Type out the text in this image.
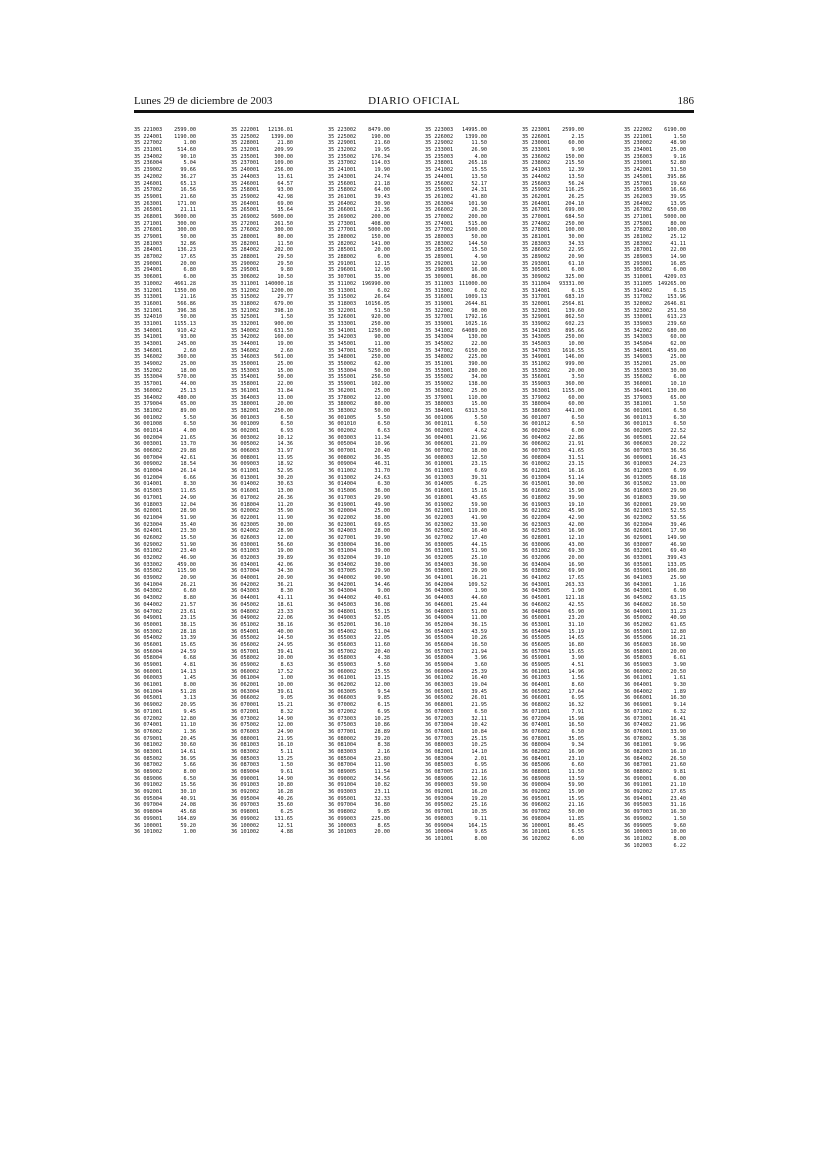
Lunes 29 de diciembre de 2003	DIARIO OFICIAL	186
35 221003 2599.00
35 224001 1190.00
35 227002	1.00
35 231001	514.60
35 234002	90.10
35 236004	5.04
35 239002	99.66
35 242002	36.27
35 246001	65.13
35 257002	16.56
35 259001	21.60
35 263001	171.00
35 265001	21.11
35 268001 3600.00
35 271001	300.00
35 276001	300.00
35 279001	50.00
35 281003	32.86
35 284001	136.23
35 287002	17.65
35 290001	20.00
35 294001	6.80
35 306001	6.00
35 310002 4661.28
35 312001 1350.00
35 313001	21.16
35 316001	566.86
35 321001	396.38
35 324010	50.00
35 331001 1155.13
35 340001	910.42
35 341001	93.00
35 343001	245.00
35 346001	2.60
35 346002	360.00
35 349002	25.00
35 352002	18.00
35 353004	570.00
35 357001	44.00
35 360002	25.13
35 364002	480.00
35 379004	65.00
35 381002	89.00
36 001002	5.50
36 001008	6.50
36 001014	4.00
36 002004	21.65
36 003001	13.70
36 006002	29.88
36 007004	42.61
36 009002	18.54
36 010004	26.14
36 012004	6.66
36 014001	8.30
36 015003	11.65
36 017001	24.90
36 018003	12.04
36 020001	28.90
36 021004	51.90
36 023004	35.40
36 024001	23.30
36 026002	15.50
36 029002	51.90
36 031002	23.40
36 032002	46.90
36 033002	459.00
36 035002	115.90
36 039002	20.90
36 041004	26.21
36 043002	6.60
36 043002	8.80
36 044002	21.57
36 047002	23.61
36 049001	23.15
36 050001	38.15
36 053002	28.18
36 054002	13.39
36 056001	15.65
36 056004	24.59
36 058004	6.68
36 059001	4.81
36 060001	14.13
36 060003	1.45
36 061001	8.00
36 061004	51.28
36 065001	3.13
36 069002	20.95
36 071001	9.45
36 072002	12.80
36 074001	11.10
36 076002	1.36
36 079001	20.45
36 081002	30.60
36 083001	14.61
36 085002	36.95
36 087002	5.66
36 089002	8.00
36 089006	6.50
36 091002	15.56
36 092001	30.10
36 095004	40.91
36 097004	24.08
36 098004	45.68
36 099001	164.89
36 100001	59.20
36 101002	1.00
35 222001 12136.01
35 225002 1399.00
35 228001	21.80
35 232001	209.99
35 235001	300.00
35 237001	109.00
35 240001	256.00
35 244003	13.61
35 246001	64.57
35 258001	93.00
35 259002	42.98
35 264001	69.00
35 265001	35.64
35 269002 5600.00
35 272001	261.50
35 276002	300.00
35 280001	80.00
35 282001	11.50
35 284002	202.00
35 288001	29.50
35 290002	29.50
35 295001	9.80
35 306002	10.50
35 311001 140000.18
35 312002 1200.00
35 315002	29.77
35 318002	679.00
35 321002	398.10
35 325001	1.50
35 332001	900.00
35 340002	631.50
35 342002	160.00
35 344001	19.00
35 346002	2.60
35 346003	561.00
35 350001	25.00
35 353003	15.00
35 354001	50.00
35 358001	22.00
35 361001	31.84
35 364003	13.00
35 380001	20.00
35 382001	250.00
36 001003	6.50
36 001009	6.50
36 002001	6.93
36 003002	10.12
36 005002	14.36
36 006003	31.97
36 008001	13.95
36 009003	18.92
36 011001	52.95
36 013001	30.20
36 014002	30.63
36 016001	13.00
36 017002	26.36
36 018004	11.20
36 020002	35.90
36 022001	11.90
36 023005	30.00
36 024002	28.90
36 026003	12.00
36 030001	56.60
36 031003	19.00
36 032003	39.89
36 034001	42.06
36 037004	34.30
36 040001	20.90
36 042002	36.21
36 043003	8.30
36 044001	41.11
36 045002	18.61
36 048002	23.33
36 049002	22.06
36 051002	38.16
36 054001	40.00
36 055002	14.50
36 056002	24.95
36 057001	39.41
36 058002	10.00
36 059002	8.63
36 060002	17.52
36 061004	1.00
36 062001	10.00
36 063004	39.61
36 066002	9.05
36 070001	15.21
36 072001	8.32
36 073002	14.90
36 075002	12.00
36 076003	24.90
36 080001	21.95
36 081003	16.10
36 083002	5.11
36 085003	13.25
36 087003	1.50
36 089004	9.61
36 090001	14.90
36 091003	10.80
36 092002	16.28
36 095004	40.26
36 097003	35.60
36 098001	6.25
36 099002	131.65
36 100002	12.51
36 101002	4.88
35 223002 8479.00
35 225002	190.00
35 229001	21.60
35 232002	19.95
35 235002	176.34
35 237002	114.03
35 241001	19.90
35 243001	24.74
35 256001	21.18
35 258002	64.00
35 261001	39.43
35 264002	30.90
35 266001	21.36
35 269002	200.00
35 273001	408.00
35 277001 5000.00
35 280002	150.00
35 282002	141.00
35 285001	20.00
35 288002	6.00
35 291001	12.15
35 296001	12.90
35 307001	35.00
35 311002 196990.00
35 313001	6.02
35 315002	26.64
35 318003 10156.05
35 322001	51.50
35 326001	920.00
35 333001	250.00
35 341001 1250.00
35 342003	90.00
35 345001	11.00
35 347001 5250.00
35 348001	250.00
35 350002	62.00
35 353004	50.00
35 355001	256.50
35 359001	102.00
35 362001	25.00
35 378002	12.00
35 380002	80.00
35 383002	50.00
36 001005	5.50
36 001010	6.50
36 002002	6.63
36 003003	11.34
36 005004	10.96
36 007001	20.40
36 008002	36.35
36 009004	46.31
36 011002	31.70
36 013002	24.63
36 014004	6.30
36 015006	36.00
36 017003	29.90
36 019001	49.90
36 020004	25.00
36 022002	38.00
36 023001	69.65
36 024003	28.00
36 027001	39.90
36 030004	36.00
36 031004	39.00
36 032004	39.10
36 034002	30.00
36 037005	29.90
36 040002	90.90
36 042001	34.46
36 043004	9.00
36 044002	40.61
36 045003	36.08
36 048001	55.15
36 049003	52.05
36 052001	36.10
36 054002	51.04
36 055003	22.05
36 056003	11.60
36 057002	20.40
36 058003	4.38
36 059003	5.60
36 060002	25.55
36 061001	13.15
36 062002	12.00
36 063005	9.54
36 066003	9.85
36 070002	6.15
36 072002	6.95
36 073003	10.25
36 075003	10.86
36 077001	28.89
36 080002	39.20
36 081004	8.38
36 083003	2.16
36 085004	23.80
36 087004	11.90
36 089005	11.54
36 090002	34.56
36 091004	10.82
36 093003	23.11
36 095001	32.33
36 097004	36.80
36 098002	9.85
36 099003	225.00
36 100003	8.65
36 101003	20.00
35 223003 14995.00
35 226002 1399.00
35 229002	11.50
35 233001	26.90
35 235003	4.00
35 238001	265.18
35 241002	15.55
35 244001	13.50
35 256002	52.17
35 259001	24.31
35 261002	41.80
35 263004	101.90
35 266002	26.30
35 270002	200.00
35 274001	515.00
35 277002 1500.00
35 280003	50.00
35 283002	144.50
35 285002	15.50
35 289001	4.90
35 292001	12.90
35 298003	16.00
35 309001	86.00
35 311003 111000.00
35 313002	6.02
35 316001 1009.13
35 319001 2644.81
35 322002	98.00
35 327001 1792.16
35 339001 1025.16
35 341002 64089.00
35 343004	130.00
35 345002	22.00
35 347002 6150.00
35 348002	225.00
35 351001	390.00
35 353001	280.00
35 355002	34.00
35 359002	138.00
35 363002	25.00
35 379001	110.00
35 380003	15.00
35 384001 6313.50
36 001006	5.50
36 001011	6.50
36 002003	4.62
36 004001	21.96
36 006001	21.09
36 007002	18.00
36 008003	12.50
36 010001	23.15
36 011003	6.69
36 013003	39.31
36 014005	6.25
36 016001	15.16
36 018001	43.65
36 019002	59.90
36 021001	119.00
36 022003	41.90
36 023002	33.90
36 025002	16.40
36 027002	17.40
36 030005	44.15
36 031001	51.90
36 032005	25.10
36 034003	36.90
36 038001	29.90
36 041001	16.21
36 042004	109.52
36 043006	1.90
36 044003	44.60
36 046001	25.44
36 048003	51.00
36 049004	11.00
36 052004	36.15
36 054003	43.59
36 055004	10.26
36 056004	16.50
36 057003	21.94
36 058004	3.96
36 059004	3.60
36 060004	25.39
36 061002	16.40
36 063003	19.04
36 065001	39.45
36 065002	26.01
36 068001	21.95
36 070003	6.50
36 072003	32.11
36 073004	10.42
36 076001	10.84
36 077003	25.15
36 080003	10.25
36 082001	14.10
36 083004	2.01
36 085003	6.95
36 087005	21.16
36 089006	12.16
36 090003	59.90
36 092001	16.20
36 093004	19.20
36 095002	25.16
36 097001	10.35
36 098003	9.11
36 099004	164.15
36 100004	9.65
36 101001	8.00
35 223001 2599.00
35 226001	2.15
35 230001	60.00
35 233001	9.90
35 236002	150.00
35 238002	215.50
35 241003	12.39
35 244002	13.50
35 256003	56.24
35 259002	116.25
35 262001	26.25
35 264001	204.10
35 267001	699.00
35 270001	684.50
35 274002	250.00
35 278001	100.00
35 281001	30.00
35 283003	34.33
35 286002	22.95
35 289002	20.90
35 293001	61.10
35 305001	6.00
35 309002	325.00
35 311004 93331.00
35 314001	6.15
35 317001	683.10
35 320001 2564.81
35 323001	139.60
35 329001	862.50
35 339002	602.23
35 341003	895.66
35 343005	250.00
35 345003	10.00
35 347003 1616.55
35 349001	146.00
35 351002	999.00
35 353002	20.00
35 356001	3.50
35 359003	360.00
35 363001 1155.00
35 379002	60.00
35 380004	60.00
35 386003	441.00
36 001007	6.50
36 001012	6.50
36 002004	6.00
36 004002	22.86
36 006002	21.91
36 007003	41.65
36 008004	31.51
36 010002	23.15
36 012001	16.16
36 013004	51.14
36 015001	30.00
36 016002	15.90
36 018002	39.90
36 019003	19.10
36 021002	45.90
36 022004	42.90
36 023003	42.00
36 025003	16.90
36 028001	12.10
36 030006	43.00
36 031002	69.30
36 032006	20.00
36 034004	16.90
36 038002	69.90
36 041002	17.65
36 043001	263.33
36 043005	1.90
36 045001	121.18
36 046002	42.55
36 048004	65.90
36 050001	23.20
36 053001	31.10
36 054004	15.19
36 055005	14.65
36 056005	16.80
36 057004	15.65
36 059001	3.90
36 059005	4.51
36 061001	14.96
36 061003	1.56
36 064001	8.60
36 065002	17.64
36 066001	6.95
36 068002	16.32
36 071001	7.91
36 072004	15.98
36 074001	16.50
36 076002	6.50
36 078001	35.05
36 080004	9.34
36 082002	16.90
36 084001	23.10
36 085006	6.60
36 088001	11.50
36 089008	13.59
36 090004	59.90
36 092002	15.90
36 095001	15.95
36 096002	21.16
36 097002	50.00
36 098004	11.85
36 100001	86.45
36 101001	6.55
36 102002	6.00
35 222002 6190.00
35 221001	1.50
35 230002	48.90
35 234001	25.00
35 236003	9.16
35 239001	52.80
35 242001	31.50
35 245001	395.86
35 257001	19.60
35 259003	16.66
35 262003	39.95
35 264002	13.95
35 267002	650.00
35 271001 5000.00
35 275001	80.00
35 278002	100.00
35 281002	25.12
35 283002	41.11
35 287001	22.00
35 289003	14.90
35 293001	16.85
35 305002	6.00
35 310001 4209.03
35 311005 149265.00
35 314002	6.15
35 317002	153.96
35 320002 2646.81
35 323002	251.50
35 330001	613.23
35 339003	239.60
35 342002	680.00
35 343003	60.00
35 345004	62.00
35 348001	459.00
35 349003	25.00
35 352001	25.00
35 353003	30.00
35 356002	6.00
35 360001	10.10
35 364001	130.00
35 379003	65.00
35 381001	1.50
36 001001	6.50
36 001013	6.30
36 001013	6.50
36 002005	22.52
36 005001	22.64
36 006003	20.22
36 007003	36.56
36 009001	16.43
36 010003	24.23
36 012003	6.99
36 013005	68.18
36 015002	13.00
36 016003	29.90
36 018003	39.90
36 020001	29.90
36 021003	52.55
36 023002	53.56
36 023004	39.46
36 026001	17.90
36 029001	149.90
36 030007	46.90
36 032001	69.40
36 033001	399.43
36 035001	133.05
36 039001	106.80
36 041003	25.90
36 043001	1.16
36 043001	6.90
36 045002	63.15
36 046002	16.50
36 049001	31.23
36 050002	40.90
36 052002	61.65
36 055001	12.80
36 055006	16.21
36 056003	16.90
36 058001	20.00
36 058003	6.61
36 059003	3.90
36 060002	20.50
36 061001	1.61
36 064001	9.30
36 064002	1.89
36 066001	16.30
36 069001	9.14
36 071002	6.32
36 073001	16.41
36 074002	21.96
36 076001	33.90
36 078002	5.38
36 081001	9.96
36 082003	16.10
36 084002	26.50
36 087001	21.60
36 088002	9.81
36 090001	6.00
36 091001	21.10
36 092002	17.65
36 094001	23.40
36 095003	31.16
36 097003	16.30
36 099002	1.50
36 099005	9.60
36 100003	10.00
36 101002	8.00
36 102003	6.22
